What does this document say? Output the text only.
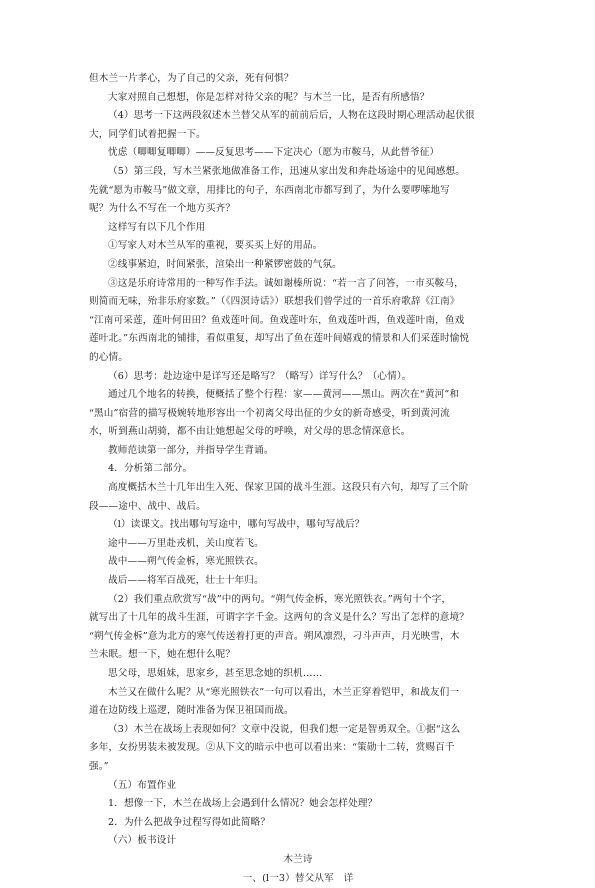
但木兰一片孝心，为了自己的父亲，死有何惧？

大家对照自己想想，你是怎样对待父亲的呢？与木兰一比，是否有所感悟？

（4）思考一下这两段叙述木兰替父从军的前前后后，人物在这段时期心理活动起伏很

大，同学们试着把握一下。

忧虑（唧唧复唧唧）——反复思考——下定决心（愿为市鞍马，从此替爷征）

（5）第三段，写木兰紧张地做准备工作，迅速从家出发和奔赴场途中的见闻感想。

先就“愿为市鞍马”做文章，用排比的句子，东西南北市都写到了，为什么要啰嗦地写

呢？为什么不写在一个地方买齐？

这样写有以下几个作用

①写家人对木兰从军的重视，要买买上好的用品。

②线事紧迫，时间紧张，渲染出一种紧锣密鼓的气氛。

③这是乐府诗常用的一种写作手法。诚如谢榛所说：“若一言了问答，一市买鞍马，

则简而无味，殆非乐府家数。”（《四溟诗话》）联想我们曾学过的一首乐府歌辞《江南》

“江南可采莲，莲叶何田田？鱼戏莲叶间。鱼戏莲叶东，鱼戏莲叶西，鱼戏莲叶南，鱼戏

莲叶北。”东西南北的铺排，看似重复，却写出了鱼在莲叶间嬉戏的情景和人们采莲时愉悦

的心情。

（6）思考：赴边途中是详写还是略写？（略写）详写什么？（心情）。

通过几个地名的转换，便概括了整个行程：家——黄河——黑山。两次在“黄河”和

“黑山”宿营的描写极婉转地形容出一个初离父母出征的少女的新奇感受，听到黄河流

水，听到燕山胡骑，都不由让她想起父母的呼唤，对父母的思念情深意长。

教师范读第一部分，并指导学生背诵。

4．分析第二部分。

高度概括木兰十几年出生入死、保家卫国的战斗生涯。这段只有六句，却写了三个阶

段——途中、战中、战后。

（l）读课文。找出哪句写途中，哪句写战中，哪句写战后？

途中——万里赴戎机，关山度若飞。

战中——朔气传金柝，寒光照铁衣。

战后——将军百战死，壮士十年归。

（2）我们重点欣赏写“战”中的两句。“朔气传金柝，寒光照铁衣。”两句十个字，

就写出了十几年的战斗生涯，可谓字字千金。这两句的含义是什么？写出了怎样的意境？

“朔气传金柝”意为北方的寒气传送着打更的声音。朔风凛烈，刁斗声声，月光映雪，木

兰未眠。想一下，她在想什么呢？

思父母，思姐妹，思家乡，甚至思念她的织机……

木兰又在做什么呢？从“寒光照铁衣”一句可以看出，木兰正穿着铠甲，和战友们一

道在边防线上巡逻，随时准备为保卫祖国而战。

（3）木兰在战场上表现如何？文章中没说，但我们想一定是智勇双全。①据“这么

多年，女扮男装未被发现。②从下文的暗示中也可以看出来：“策勋十二转，赏赐百千

强。”

（五）布置作业

1．想像一下，木兰在战场上会遇到什么情况？她会怎样处理？

2．为什么把战争过程写得如此简略？

（六）板书设计

木兰诗

一、(l一3）替父从军　详
